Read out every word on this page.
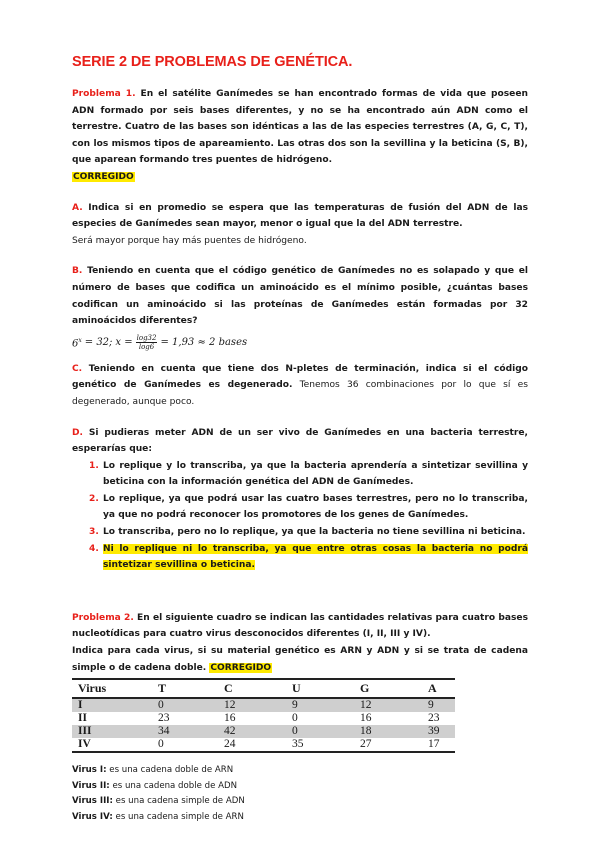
SERIE 2 DE PROBLEMAS DE GENÉTICA.

Problema 1. En el satélite Ganímedes se han encontrado formas de vida que poseen ADN formado por seis bases diferentes, y no se ha encontrado aún ADN como el terrestre. Cuatro de las bases son idénticas a las de las especies terrestres (A, G, C, T), con los mismos tipos de apareamiento. Las otras dos son la sevillina y la beticina (S, B), que aparean formando tres puentes de hidrógeno.

CORREGIDO

A. Indica si en promedio se espera que las temperaturas de fusión del ADN de las especies de Ganímedes sean mayor, menor o igual que la del ADN terrestre.

Será mayor porque hay más puentes de hidrógeno.

B. Teniendo en cuenta que el código genético de Ganímedes no es solapado y que el número de bases que codifica un aminoácido es el mínimo posible, ¿cuántas bases codifican un aminoácido si las proteínas de Ganímedes están formadas por 32 aminoácidos diferentes?

$6^x = 32$; $x = \frac{\log 32}{\log 6} = 1,93 \approx 2$ bases

C. Teniendo en cuenta que tiene dos N-pletes de terminación, indica si el código genético de Ganímedes es degenerado. Tenemos 36 combinaciones por lo que sí es degenerado, aunque poco.

D. Si pudieras meter ADN de un ser vivo de Ganímedes en una bacteria terrestre, esperarías que:

1. Lo replique y lo transcriba, ya que la bacteria aprendería a sintetizar sevillina y beticina con la información genética del ADN de Ganímedes.
2. Lo replique, ya que podrá usar las cuatro bases terrestres, pero no lo transcriba, ya que no podrá reconocer los promotores de los genes de Ganímedes.
3. Lo transcriba, pero no lo replique, ya que la bacteria no tiene sevillina ni beticina.
4. Ni lo replique ni lo transcriba, ya que entre otras cosas la bacteria no podrá sintetizar sevillina o beticina.

Problema 2. En el siguiente cuadro se indican las cantidades relativas para cuatro bases nucleotídicas para cuatro virus desconocidos diferentes (I, II, III y IV).

Indica para cada virus, si su material genético es ARN y ADN y si se trata de cadena simple o de cadena doble. CORREGIDO

Virus	T	C	U	G	A
I	0	12	9	12	9
II	23	16	0	16	23
III	34	42	0	18	39
IV	0	24	35	27	17

Virus I: es una cadena doble de ARN

Virus II: es una cadena doble de ADN

Virus III: es una cadena simple de ADN

Virus IV: es una cadena simple de ARN
